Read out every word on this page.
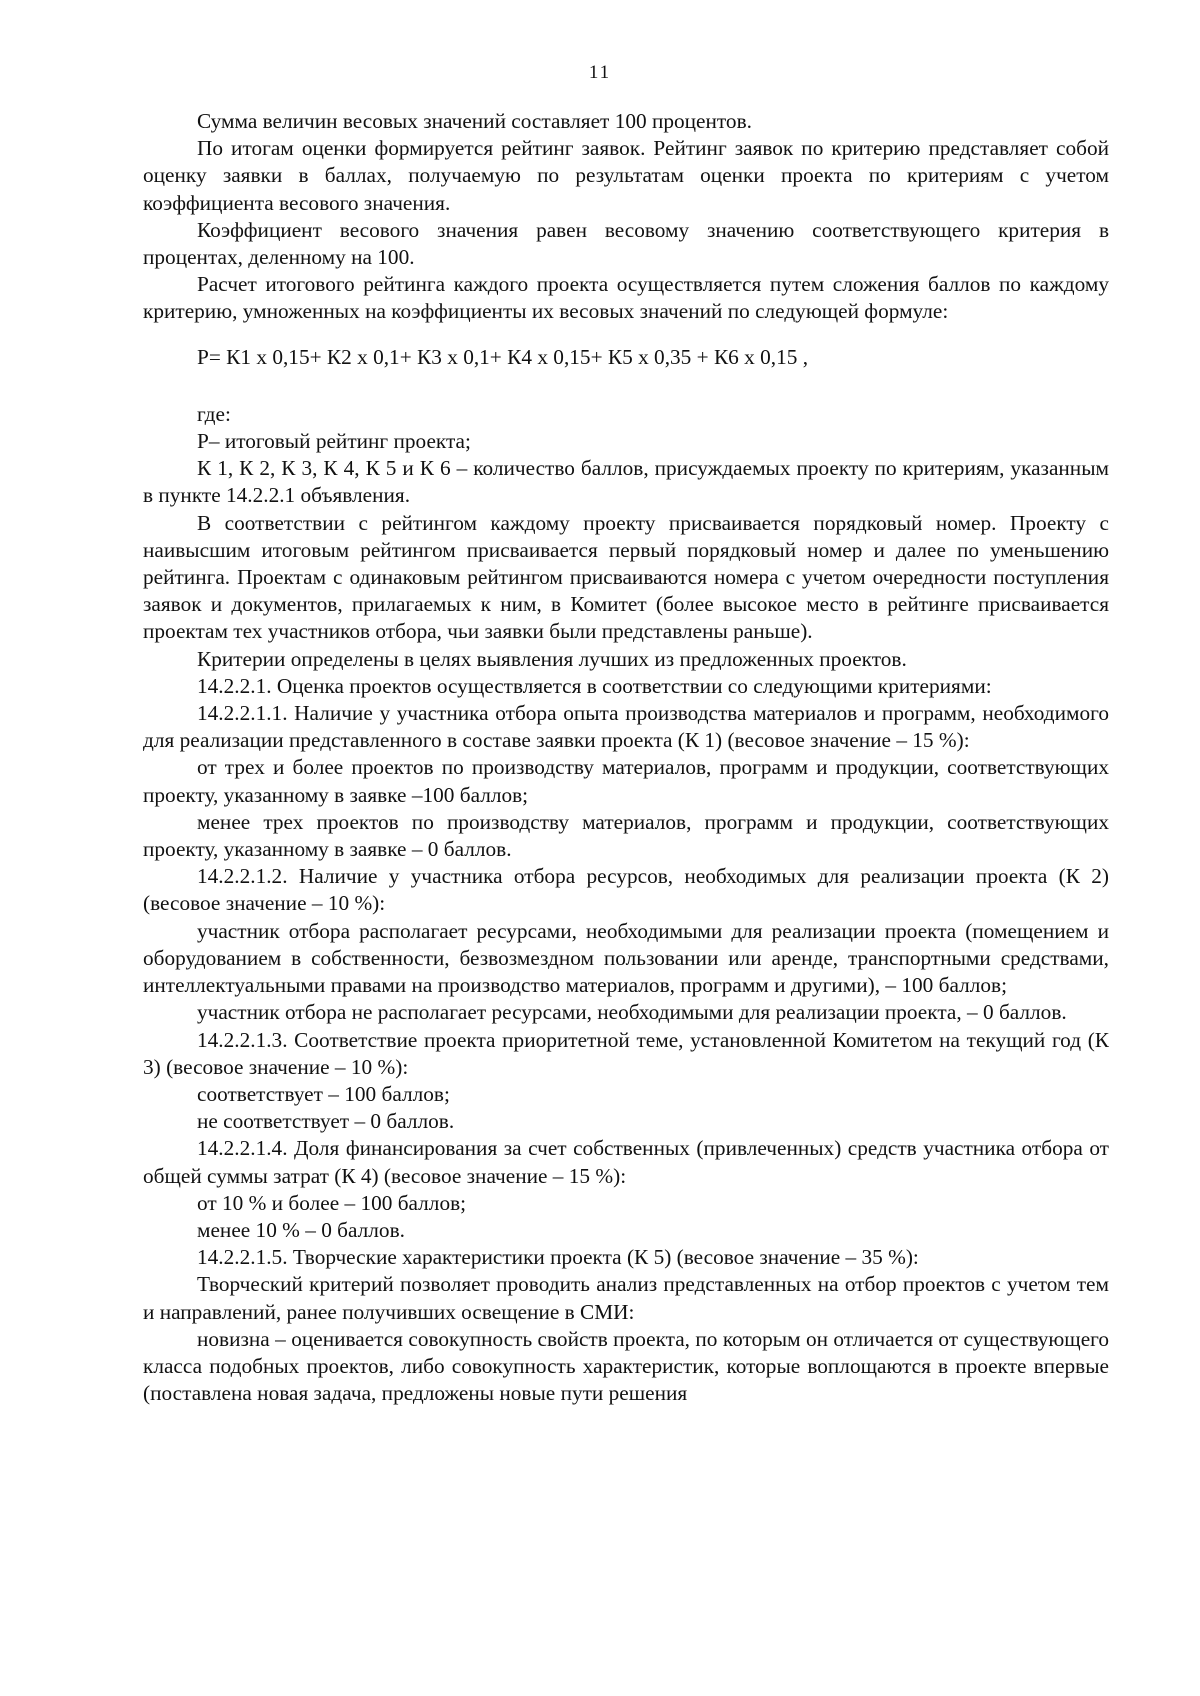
11

Сумма величин весовых значений составляет 100 процентов.

По итогам оценки формируется рейтинг заявок. Рейтинг заявок по критерию представляет собой оценку заявки в баллах, получаемую по результатам оценки проекта по критериям с учетом коэффициента весового значения.

Коэффициент весового значения равен весовому значению соответствующего критерия в процентах, деленному на 100.

Расчет итогового рейтинга каждого проекта осуществляется путем сложения баллов по каждому критерию, умноженных на коэффициенты их весовых значений по следующей формуле:

Р= К1 х 0,15+ К2 х 0,1+ К3 х 0,1+ К4 х 0,15+ К5 х 0,35 + К6 х 0,15 ,

где:

Р– итоговый рейтинг проекта;

К 1, К 2, К 3, К 4, К 5 и К 6 – количество баллов, присуждаемых проекту по критериям, указанным в пункте 14.2.2.1 объявления.

В соответствии с рейтингом каждому проекту присваивается порядковый номер. Проекту с наивысшим итоговым рейтингом присваивается первый порядковый номер и далее по уменьшению рейтинга. Проектам с одинаковым рейтингом присваиваются номера с учетом очередности поступления заявок и документов, прилагаемых к ним, в Комитет (более высокое место в рейтинге присваивается проектам тех участников отбора, чьи заявки были представлены раньше).

Критерии определены в целях выявления лучших из предложенных проектов.

14.2.2.1. Оценка проектов осуществляется в соответствии со следующими критериями:

14.2.2.1.1. Наличие у участника отбора опыта производства материалов и программ, необходимого для реализации представленного в составе заявки проекта (К 1) (весовое значение – 15 %):

от трех и более проектов по производству материалов, программ и продукции, соответствующих проекту, указанному в заявке –100 баллов;

менее трех проектов по производству материалов, программ и продукции, соответствующих проекту, указанному в заявке – 0 баллов.

14.2.2.1.2. Наличие у участника отбора ресурсов, необходимых для реализации проекта (К 2) (весовое значение – 10 %):

участник отбора располагает ресурсами, необходимыми для реализации проекта (помещением и оборудованием в собственности, безвозмездном пользовании или аренде, транспортными средствами, интеллектуальными правами на производство материалов, программ и другими), – 100 баллов;

участник отбора не располагает ресурсами, необходимыми для реализации проекта, – 0 баллов.

14.2.2.1.3. Соответствие проекта приоритетной теме, установленной Комитетом на текущий год (К 3) (весовое значение – 10 %):

соответствует – 100 баллов;

не соответствует – 0 баллов.

14.2.2.1.4. Доля финансирования за счет собственных (привлеченных) средств участника отбора от общей суммы затрат (К 4) (весовое значение – 15 %):

от 10 % и более – 100 баллов;

менее 10 % – 0 баллов.

14.2.2.1.5. Творческие характеристики проекта (К 5) (весовое значение – 35 %):

Творческий критерий позволяет проводить анализ представленных на отбор проектов с учетом тем и направлений, ранее получивших освещение в СМИ:

новизна – оценивается совокупность свойств проекта, по которым он отличается от существующего класса подобных проектов, либо совокупность характеристик, которые воплощаются в проекте впервые (поставлена новая задача, предложены новые пути решения
